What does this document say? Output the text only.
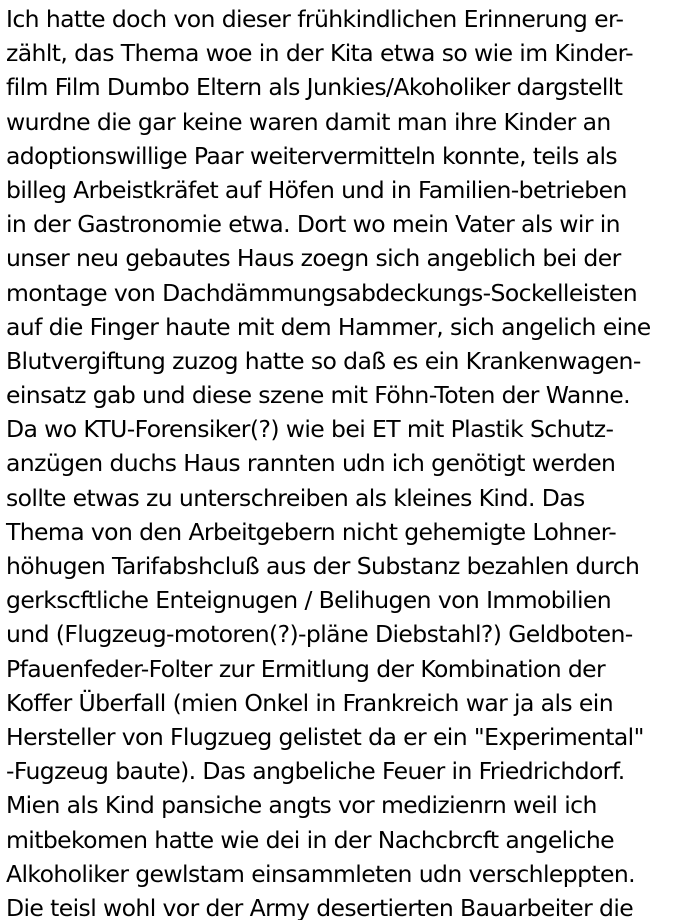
Ich hatte doch von dieser frühkindlichen Erinnerung er-
zählt, das Thema woe in der Kita etwa so wie im Kinder-
film Film Dumbo Eltern als Junkies/Akoholiker dargstellt
wurdne die gar keine waren damit man ihre Kinder an
adoptionswillige Paar weitervermitteln konnte, teils als
billeg Arbeistkräfet auf Höfen und in Familien-betrieben
in der Gastronomie etwa. Dort wo mein Vater als wir in
unser neu gebautes Haus zoegn sich angeblich bei der
montage von Dachdämmungsabdeckungs-Sockelleisten
auf die Finger haute mit dem Hammer, sich angelich eine
Blutvergiftung zuzog hatte so daß es ein Krankenwagen-
einsatz gab und diese szene mit Föhn-Toten der Wanne.
Da wo KTU-Forensiker(?) wie bei ET mit Plastik Schutz-
anzügen duchs Haus rannten udn ich genötigt werden
sollte etwas zu unterschreiben als kleines Kind. Das
Thema von den Arbeitgebern nicht gehemigte Lohner-
höhugen Tarifabshcluß aus der Substanz bezahlen durch
gerkscftliche Enteignugen / Belihugen von Immobilien
und (Flugzeug-motoren(?)-pläne Diebstahl?) Geldboten-
Pfauenfeder-Folter zur Ermitlung der Kombination der
Koffer Überfall (mien Onkel in Frankreich war ja als ein
Hersteller von Flugzueg gelistet da er ein "Experimental"
-Fugzeug baute). Das angbeliche Feuer in Friedrichdorf.
Mien als Kind pansiche angts vor medizienrn weil ich
mitbekomen hatte wie dei in der Nachcbrcft angeliche
Alkoholiker gewlstam einsammleten udn verschleppten.
Die teisl wohl vor der Army desertierten Bauarbeiter die
